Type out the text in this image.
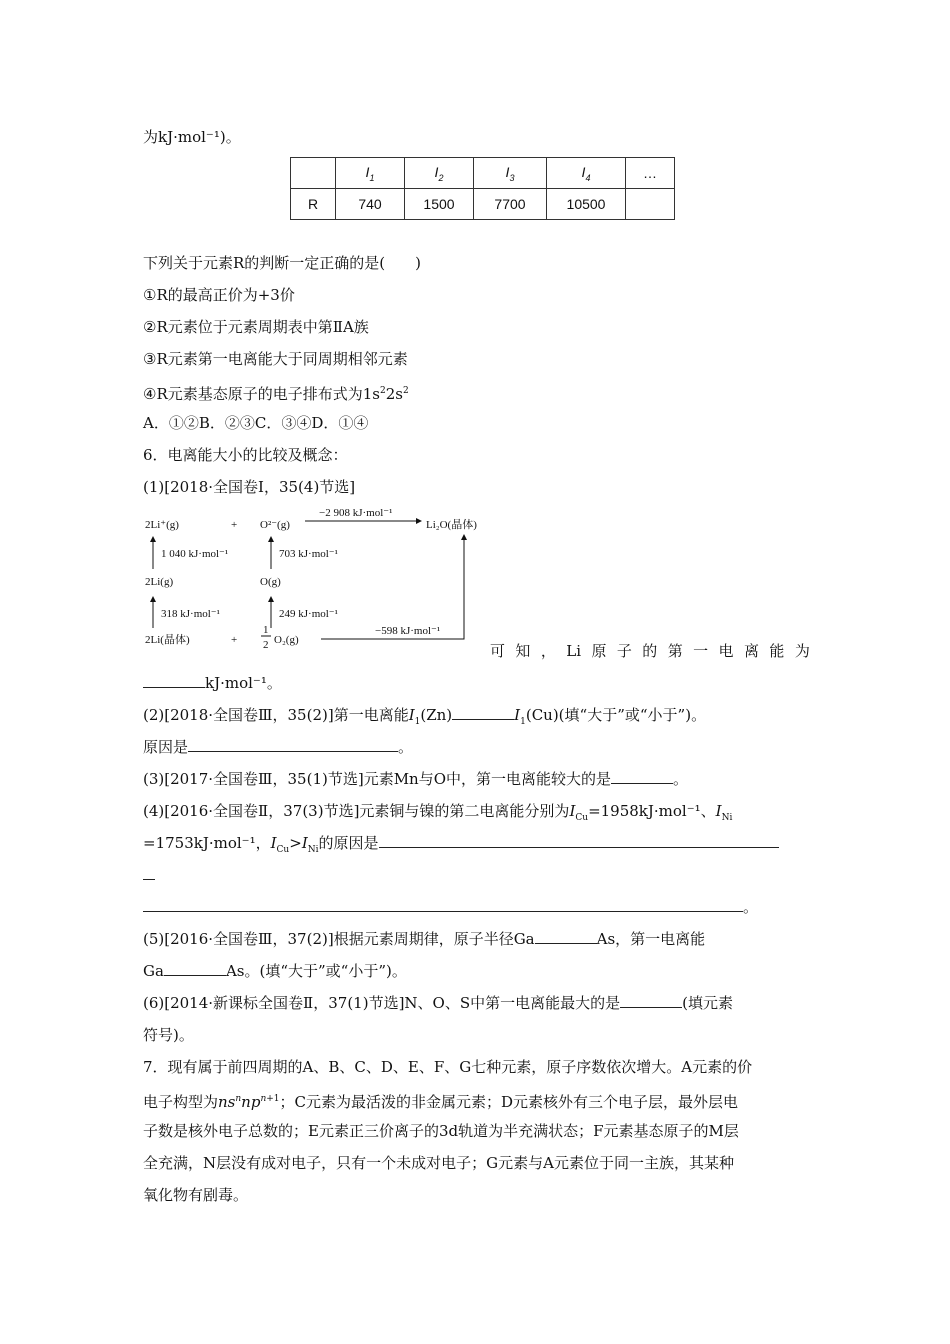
为kJ·mol⁻¹)。
	$I_1$	$I_2$	$I_3$	$I_4$	…
R	740	1500	7700	10500	
下列关于元素R的判断一定正确的是(　　)
①R的最高正价为+3价
②R元素位于元素周期表中第ⅡA族
③R元素第一电离能大于同周期相邻元素
④R元素基态原子的电子排布式为$1s^22s^2$
A．①②B．②③C．③④D．①④
6．电离能大小的比较及概念：
(1)[2018·全国卷Ⅰ，35(4)节选]
2Li⁺(g)	+ O²⁻(g)
−2 908 kJ·mol⁻¹
Li₂O(晶体)
1 040 kJ·mol⁻¹	703 kJ·mol⁻¹
2Li(g)	O(g)
318 kJ·mol⁻¹	249 kJ·mol⁻¹
2Li(晶体)	+
1
2 O₂(g)
−598 kJ·mol⁻¹
可 知 ， Li 原 子 的 第 一 电 离 能 为
kJ·mol⁻¹。
(2)[2018·全国卷Ⅲ，35(2)]第一电离能$I_1(Zn)$	$I_1(Cu)$(填“大于”或“小于”)。
原因是	。
(3)[2017·全国卷Ⅲ，35(1)节选]元素Mn与O中，第一电离能较大的是	。
(4)[2016·全国卷Ⅱ，37(3)节选]元素铜与镍的第二电离能分别为$I_{Cu}=1958kJ\cdot mol^{-1}$、$I_{Ni}$
=1753kJ·mol⁻¹，$I_{Cu}>I_{Ni}$的原因是
。
(5)[2016·全国卷Ⅲ，37(2)]根据元素周期律，原子半径Ga	As，第一电离能
Ga	As。(填“大于”或“小于”)。
(6)[2014·新课标全国卷Ⅱ，37(1)节选]N、O、S中第一电离能最大的是	(填元素
符号)。
7．现有属于前四周期的A、B、C、D、E、F、G七种元素，原子序数依次增大。A元素的价
电子构型为$ns^nnp^{n+1}$；C元素为最活泼的非金属元素；D元素核外有三个电子层，最外层电
子数是核外电子总数的；E元素正三价离子的3d轨道为半充满状态；F元素基态原子的M层
全充满，N层没有成对电子，只有一个未成对电子；G元素与A元素位于同一主族，其某种
氧化物有剧毒。
